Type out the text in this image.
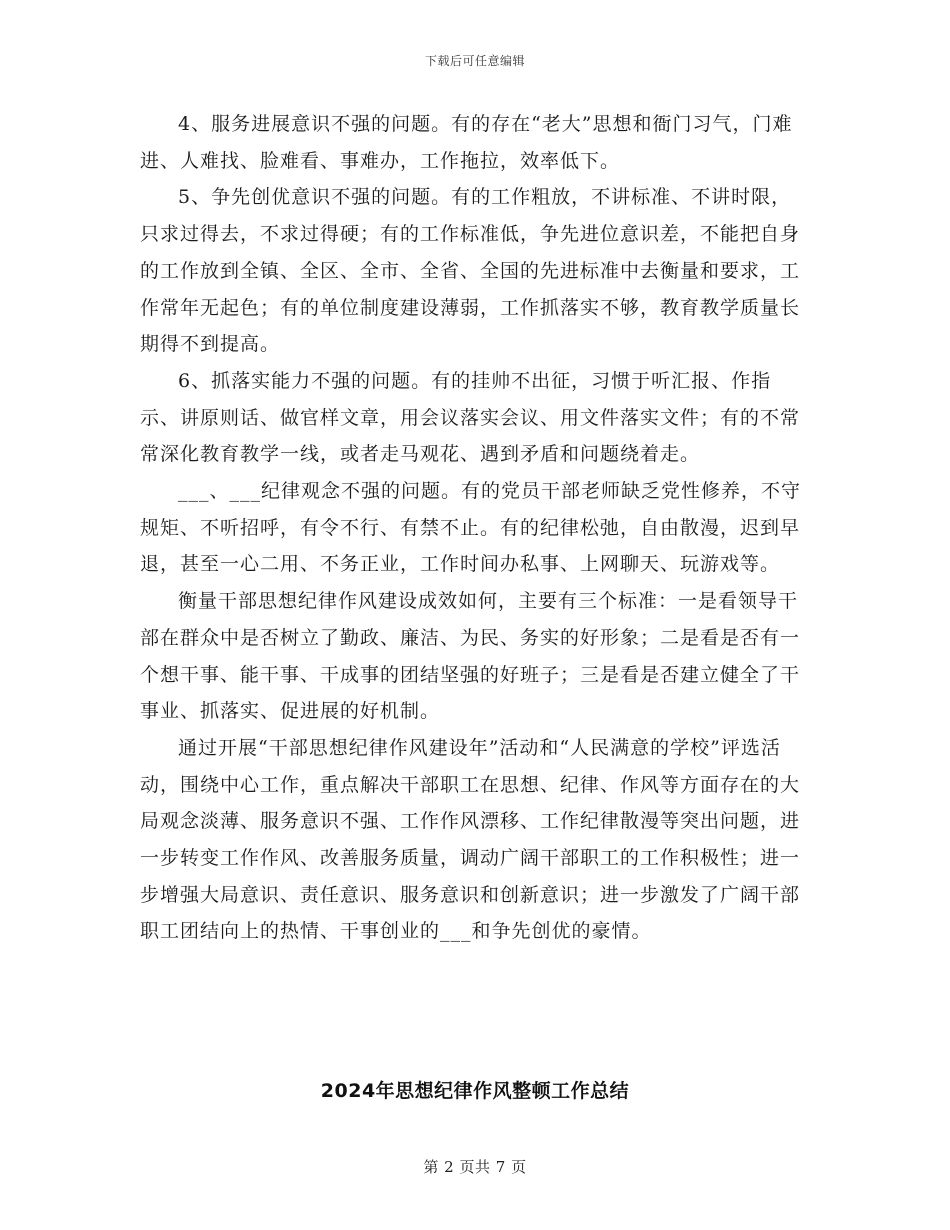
下载后可任意编辑

4、服务进展意识不强的问题。有的存在“老大”思想和衙门习气，门难进、人难找、脸难看、事难办，工作拖拉，效率低下。

5、争先创优意识不强的问题。有的工作粗放，不讲标准、不讲时限，只求过得去，不求过得硬；有的工作标准低，争先进位意识差，不能把自身的工作放到全镇、全区、全市、全省、全国的先进标准中去衡量和要求，工作常年无起色；有的单位制度建设薄弱，工作抓落实不够，教育教学质量长期得不到提高。

6、抓落实能力不强的问题。有的挂帅不出征，习惯于听汇报、作指示、讲原则话、做官样文章，用会议落实会议、用文件落实文件；有的不常常深化教育教学一线，或者走马观花、遇到矛盾和问题绕着走。

___、___纪律观念不强的问题。有的党员干部老师缺乏党性修养，不守规矩、不听招呼，有令不行、有禁不止。有的纪律松弛，自由散漫，迟到早退，甚至一心二用、不务正业，工作时间办私事、上网聊天、玩游戏等。

衡量干部思想纪律作风建设成效如何，主要有三个标准：一是看领导干部在群众中是否树立了勤政、廉洁、为民、务实的好形象；二是看是否有一个想干事、能干事、干成事的团结坚强的好班子；三是看是否建立健全了干事业、抓落实、促进展的好机制。

通过开展“干部思想纪律作风建设年”活动和“人民满意的学校”评选活动，围绕中心工作，重点解决干部职工在思想、纪律、作风等方面存在的大局观念淡薄、服务意识不强、工作作风漂移、工作纪律散漫等突出问题，进一步转变工作作风、改善服务质量，调动广阔干部职工的工作积极性；进一步增强大局意识、责任意识、服务意识和创新意识；进一步激发了广阔干部职工团结向上的热情、干事创业的___和争先创优的豪情。

2024年思想纪律作风整顿工作总结
第 2 页共 7 页
